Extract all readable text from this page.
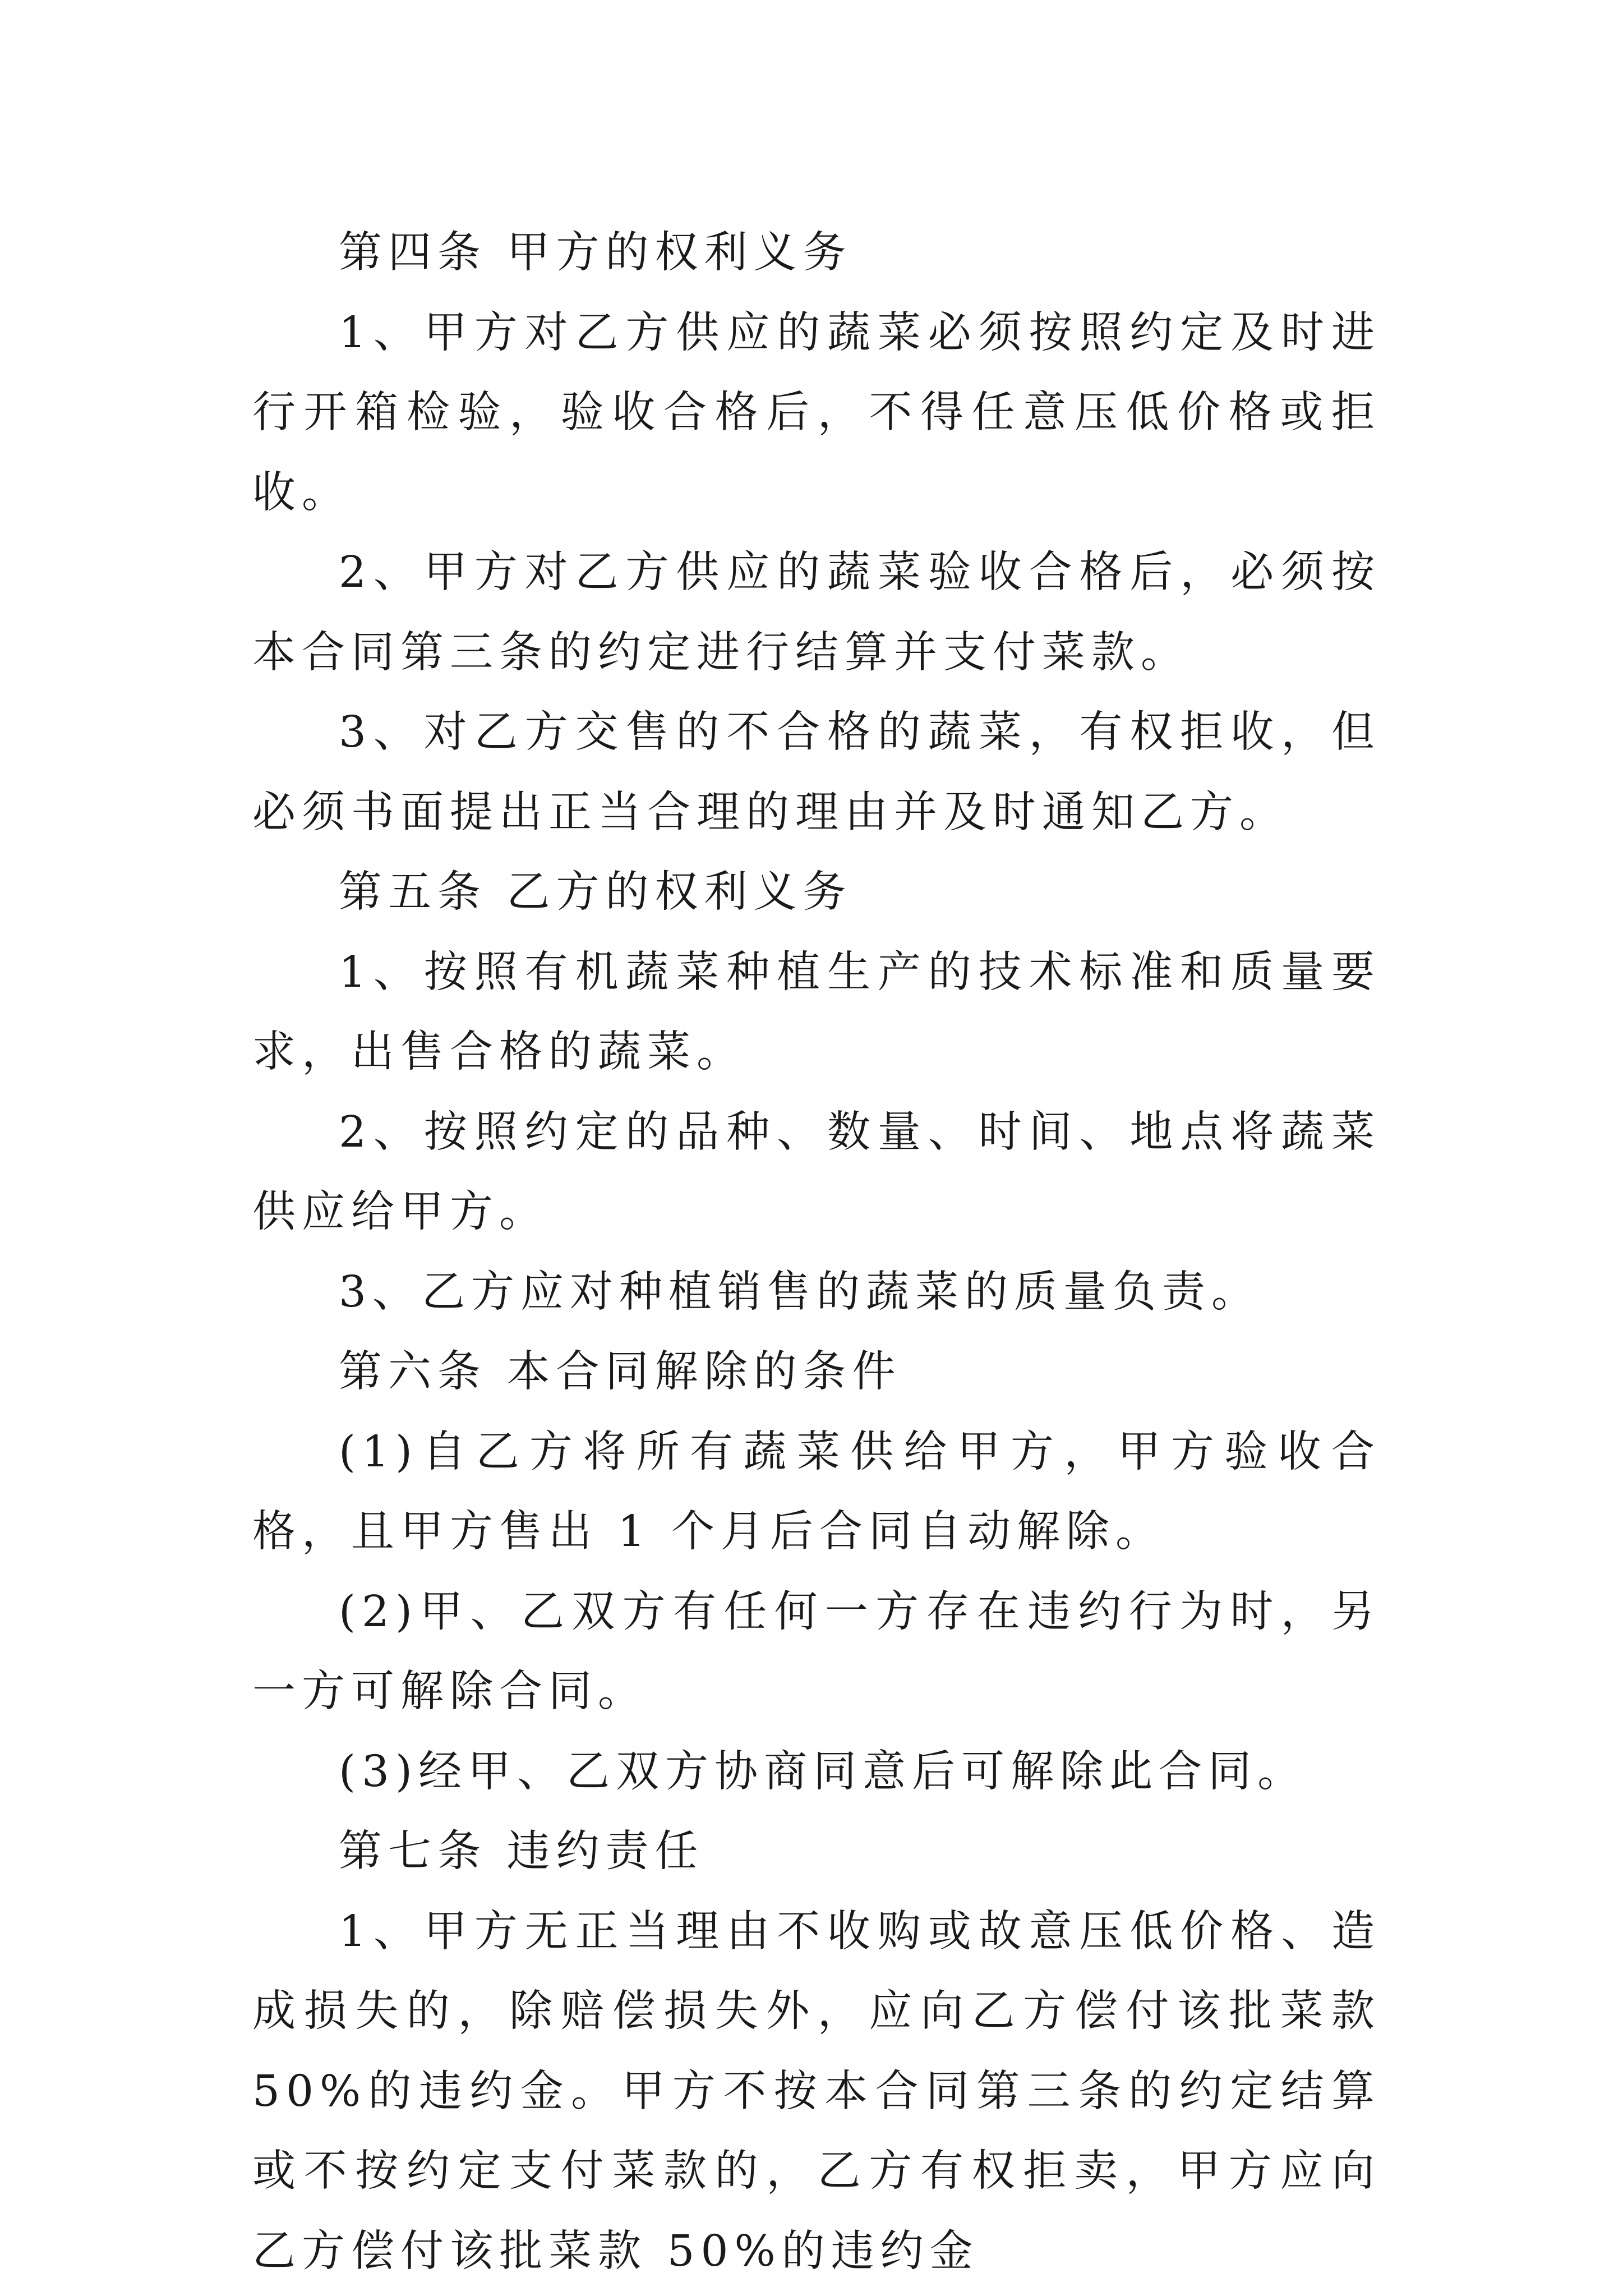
第四条 甲方的权利义务

1、甲方对乙方供应的蔬菜必须按照约定及时进行开箱检验，验收合格后，不得任意压低价格或拒收。

2、甲方对乙方供应的蔬菜验收合格后，必须按本合同第三条的约定进行结算并支付菜款。

3、对乙方交售的不合格的蔬菜，有权拒收，但必须书面提出正当合理的理由并及时通知乙方。

第五条 乙方的权利义务

1、按照有机蔬菜种植生产的技术标准和质量要求，出售合格的蔬菜。

2、按照约定的品种、数量、时间、地点将蔬菜供应给甲方。

3、乙方应对种植销售的蔬菜的质量负责。

第六条 本合同解除的条件

(1)自乙方将所有蔬菜供给甲方，甲方验收合格，且甲方售出 1 个月后合同自动解除。

(2)甲、乙双方有任何一方存在违约行为时，另一方可解除合同。

(3)经甲、乙双方协商同意后可解除此合同。

第七条 违约责任

1、甲方无正当理由不收购或故意压低价格、造成损失的，除赔偿损失外，应向乙方偿付该批菜款 50%的违约金。甲方不按本合同第三条的约定结算或不按约定支付菜款的，乙方有权拒卖，甲方应向乙方偿付该批菜款 50%的违约金
